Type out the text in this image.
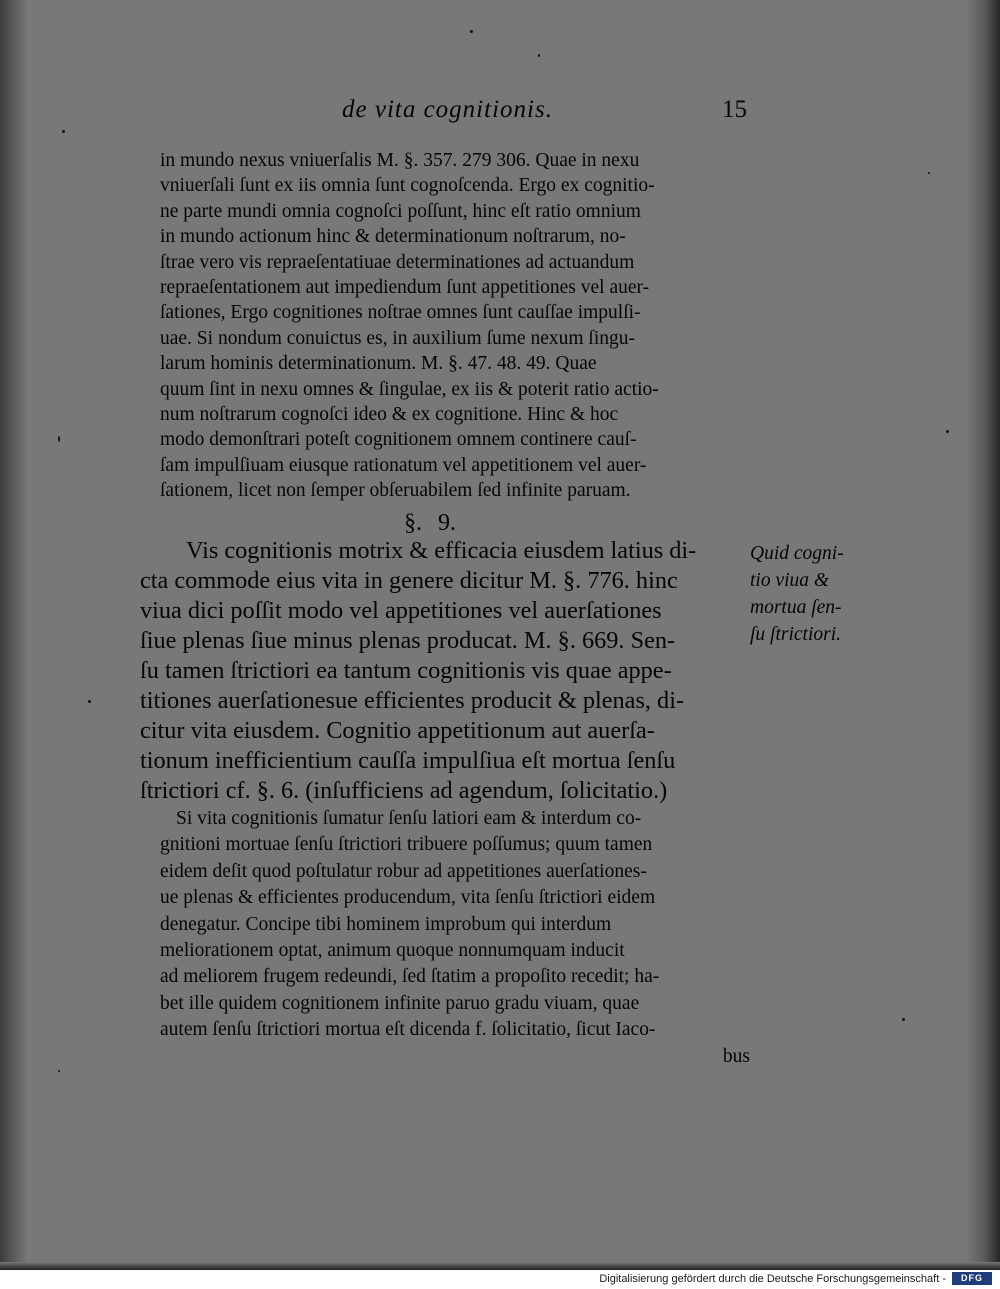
de vita cognitionis.	15
in mundo nexus vniuerſalis M. §. 357. 279 306. Quae in nexu
vniuerſali ſunt ex iis omnia ſunt cognoſcenda. Ergo ex cognitio-
ne parte mundi omnia cognoſci poſſunt, hinc eſt ratio omnium
in mundo actionum hinc & determinationum noſtrarum, no-
ſtrae vero vis repraeſentatiuae determinationes ad actuandum
repraeſentationem aut impediendum ſunt appetitiones vel auer-
ſationes, Ergo cognitiones noſtrae omnes ſunt cauſſae impulſi-
uae. Si nondum conuictus es, in auxilium ſume nexum ſingu-
larum hominis determinationum. M. §. 47. 48. 49. Quae
quum ſint in nexu omnes & ſingulae, ex iis & poterit ratio actio-
num noſtrarum cognoſci ideo & ex cognitione. Hinc & hoc
modo demonſtrari poteſt cognitionem omnem continere cauſ-
ſam impulſiuam eiusque rationatum vel appetitionem vel auer-
ſationem, licet non ſemper obſeruabilem ſed infinite paruam.
§. 9.
Vis cognitionis motrix & efficacia eiusdem latius di-
cta commode eius vita in genere dicitur M. §. 776. hinc
viua dici poſſit modo vel appetitiones vel auerſationes
ſiue plenas ſiue minus plenas producat. M. §. 669. Sen-
ſu tamen ſtrictiori ea tantum cognitionis vis quae appe-
titiones auerſationesue efficientes producit & plenas, di-
citur vita eiusdem. Cognitio appetitionum aut auerſa-
tionum inefficientium cauſſa impulſiua eſt mortua ſenſu
ſtrictiori cf. §. 6. (inſufficiens ad agendum, ſolicitatio.)
Quid cogni-
tio viua &
mortua ſen-
ſu ſtrictiori.
Si vita cognitionis ſumatur ſenſu latiori eam & interdum co-
gnitioni mortuae ſenſu ſtrictiori tribuere poſſumus; quum tamen
eidem deſit quod poſtulatur robur ad appetitiones auerſationes-
ue plenas & efficientes producendum, vita ſenſu ſtrictiori eidem
denegatur. Concipe tibi hominem improbum qui interdum
meliorationem optat, animum quoque nonnumquam inducit
ad meliorem frugem redeundi, ſed ſtatim a propoſito recedit; ha-
bet ille quidem cognitionem infinite paruo gradu viuam, quae
autem ſenſu ſtrictiori mortua eſt dicenda f. ſolicitatio, ſicut Iaco-
bus
Digitalisierung gefördert durch die Deutsche Forschungsgemeinschaft -	DFG
